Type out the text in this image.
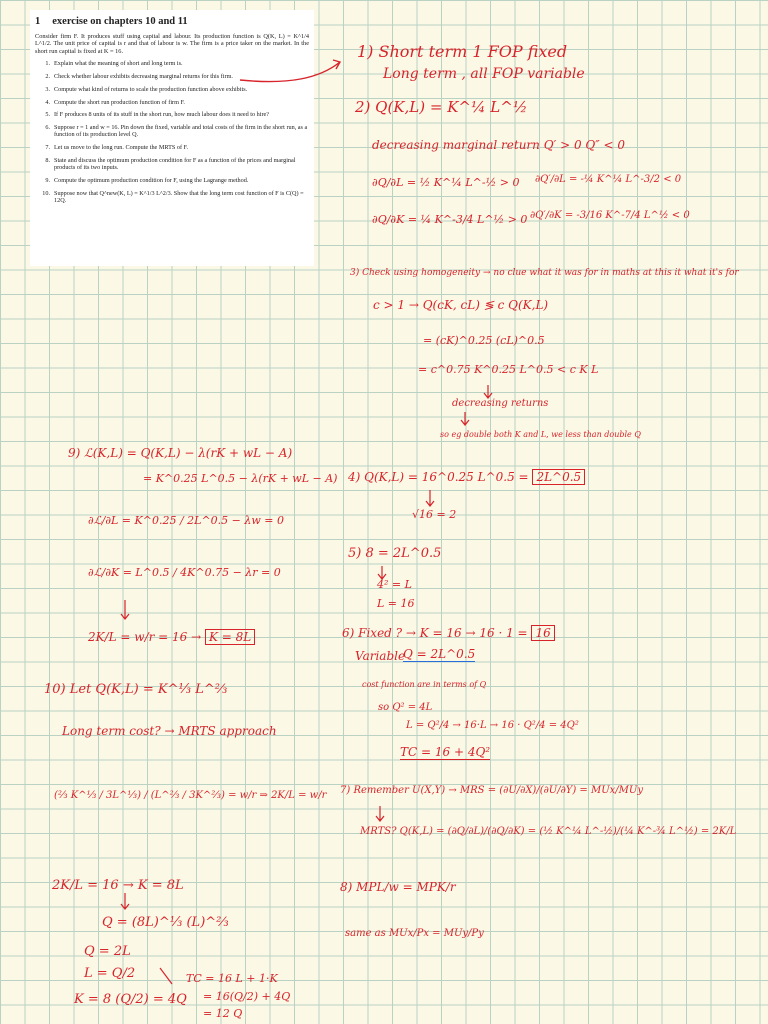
1 exercise on chapters 10 and 11

Consider firm F. It produces stuff using capital and labour. Its production function is Q(K, L) = K^1/4 L^1/2. The unit price of capital is r and that of labour is w. The firm is a price taker on the market. In the short run capital is fixed at K = 16.

1. Explain what the meaning of short and long term is.
2. Check whether labour exhibits decreasing marginal returns for this firm.
3. Compute what kind of returns to scale the production function above exhibits.
4. Compute the short run production function of firm F.
5. If F produces 8 units of its stuff in the short run, how much labour does it need to hire?
6. Suppose r = 1 and w = 16. Pin down the fixed, variable and total costs of the firm in the short run, as a function of its production level Q.
7. Let us move to the long run. Compute the MRTS of F.
8. State and discuss the optimum production condition for F as a function of the prices and marginal products of its two inputs.
9. Compute the optimum production condition for F, using the Lagrange method.
10. Suppose now that Q^new(K, L) = K^1/3 L^2/3. Show that the long term cost function of F is C(Q) = 12Q.
1) Short term 1 FOP fixed
Long term , all FOP variable
2) Q(K,L) = K^¼ L^½
decreasing marginal return Q′ > 0 Q″ < 0
∂Q/∂L = ½ K^¼ L^-½ > 0 ∂Q′/∂L = -¼ K^¼ L^-3/2 < 0
∂Q/∂K = ¼ K^-3/4 L^½ > 0 ∂Q′/∂K = -3/16 K^-7/4 L^½ < 0
3) Check using homogeneity → no clue what it was for in maths at this it what it's for
c > 1 → Q(cK, cL) ≶ c Q(K,L)
= (cK)^0.25 (cL)^0.5
= c^0.75 K^0.25 L^0.5 < c K L
decreasing returns
so eg double both K and L, we less than double Q
4) Q(K,L) = 16^0.25 L^0.5 = 2L^0.5
√16 = 2
5) 8 = 2L^0.5
4² = L
L = 16
6) Fixed ? → K = 16 → 16 · 1 = 16
Variable
Q = 2L^0.5
cost function are in terms of Q
so Q² = 4L
L = Q²/4 → 16·L → 16 · Q²/4 = 4Q²
TC = 16 + 4Q²
7) Remember U(X,Y) → MRS = (∂U/∂X)/(∂U/∂Y) = MUx/MUy
MRTS? Q(K,L) = (∂Q/∂L)/(∂Q/∂K) = (½ K^¼ L^-½)/(¼ K^-¾ L^½) = 2K/L
8) MPL/w = MPK/r
same as MUx/Px = MUy/Py
9) ℒ(K,L) = Q(K,L) − λ(rK + wL − A)
= K^0.25 L^0.5 − λ(rK + wL − A)
∂ℒ/∂L = K^0.25 / 2L^0.5 − λw = 0
∂ℒ/∂K = L^0.5 / 4K^0.75 − λr = 0
2K/L = w/r = 16 → K = 8L
10) Let Q(K,L) = K^⅓ L^⅔
Long term cost? → MRTS approach
(⅔ K^⅓ / 3L^⅓) / (L^⅔ / 3K^⅔) = w/r ⇒ 2K/L = w/r
2K/L = 16 → K = 8L
Q = (8L)^⅓ (L)^⅔
Q = 2L
L = Q/2
K = 8 (Q/2) = 4Q
TC = 16 L + 1·K
= 16(Q/2) + 4Q
= 12 Q
